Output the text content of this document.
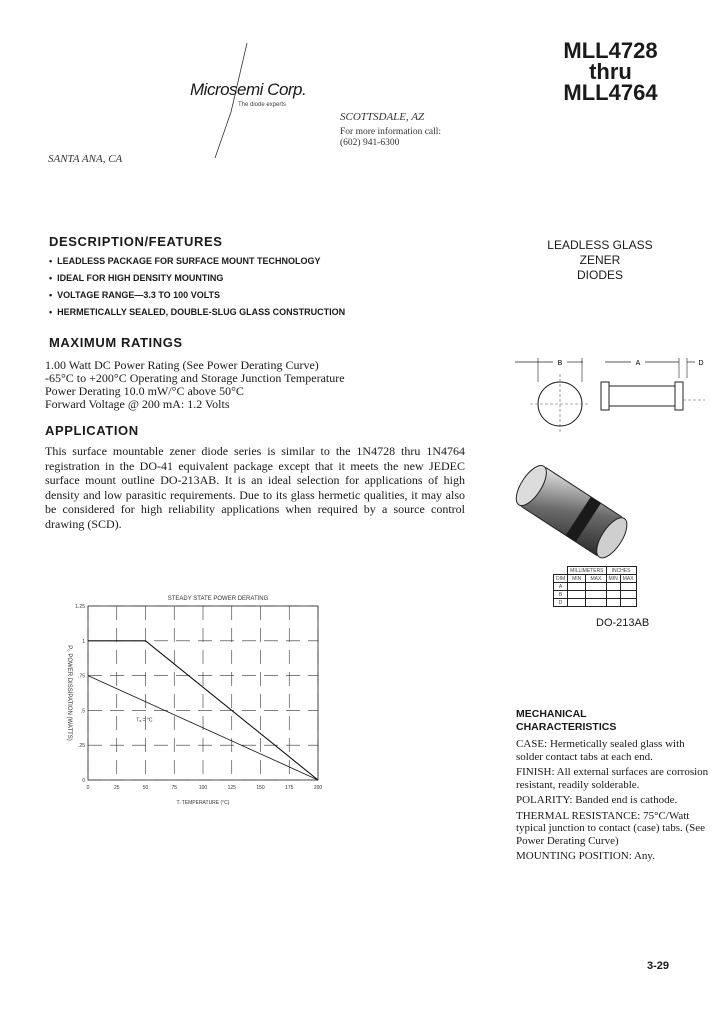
MLL4728
thru
MLL4764
Microsemi Corp.
The diode experts
SCOTTSDALE, AZ
For more information call:
(602) 941-6300
SANTA ANA, CA
DESCRIPTION/FEATURES
• LEADLESS PACKAGE FOR SURFACE MOUNT TECHNOLOGY
• IDEAL FOR HIGH DENSITY MOUNTING
• VOLTAGE RANGE—3.3 TO 100 VOLTS
• HERMETICALLY SEALED, DOUBLE-SLUG GLASS CONSTRUCTION
MAXIMUM RATINGS
1.00 Watt DC Power Rating (See Power Derating Curve)
-65°C to +200°C Operating and Storage Junction Temperature
Power Derating 10.0 mW/°C above 50°C
Forward Voltage @ 200 mA: 1.2 Volts
APPLICATION
This surface mountable zener diode series is similar to the 1N4728 thru 1N4764 registration in the DO-41 equivalent package except that it meets the new JEDEC surface mount outline DO-213AB. It is an ideal selection for applications of high density and low parasitic requirements. Due to its glass hermetic qualities, it may also be considered for high reliability applications when required by a source control drawing (SCD).
LEADLESS GLASS
ZENER
DIODES
B	A	D
	MILLIMETERS		INCHES	
DIM	MIN	MAX	MIN	MAX
A				
B				
D				
DO-213AB
STEADY STATE POWER DERATING
0	25	50	75	100	125	150	175	200
0
.25
.5
.75
1
1.25
Tₐ = °C
P₀ POWER DISSIPATION (WATTS)
Tₗ TEMPERATURE (°C)
MECHANICAL
CHARACTERISTICS

CASE: Hermetically sealed glass with solder contact tabs at each end.

FINISH: All external surfaces are corrosion resistant, readily solderable.

POLARITY: Banded end is cathode.

THERMAL RESISTANCE: 75°C/Watt typical junction to contact (case) tabs. (See Power Derating Curve)

MOUNTING POSITION: Any.

3-29
